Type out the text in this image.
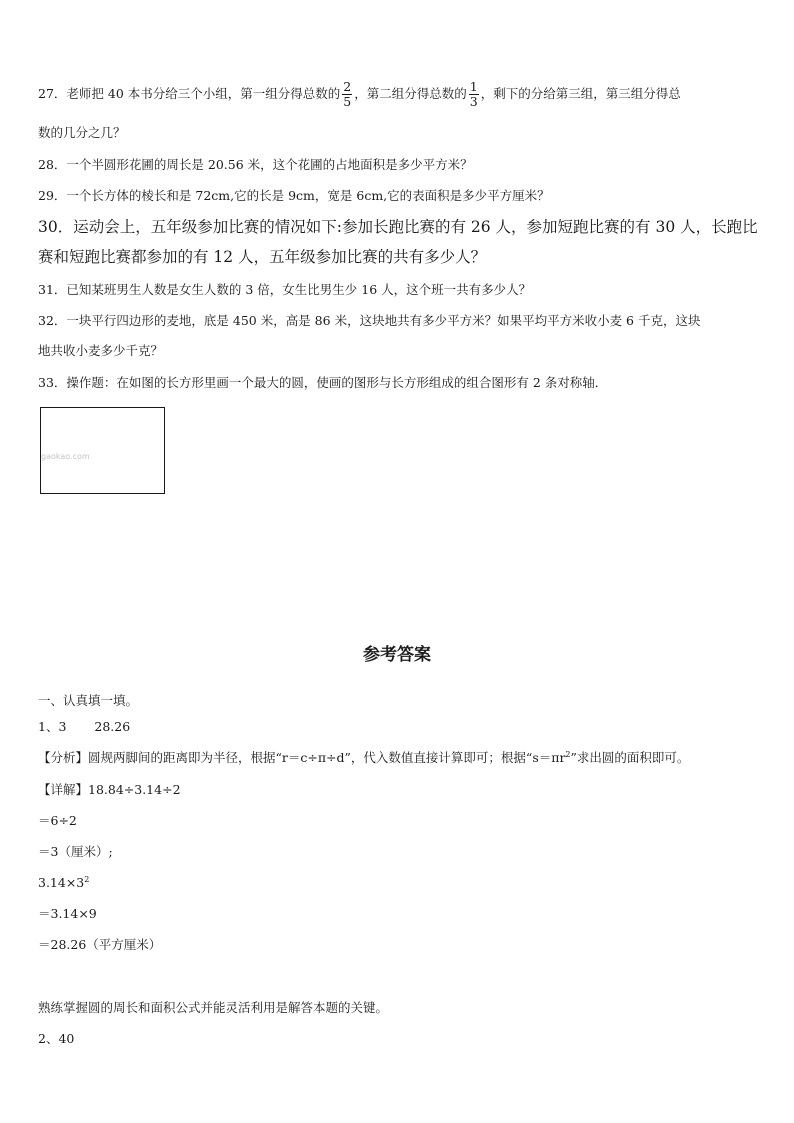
27．老师把 40 本书分给三个小组，第一组分得总数的 $\frac{2}{5}$ ，第二组分得总数的 $\frac{1}{3}$ ，剩下的分给第三组，第三组分得总
数的几分之几？
28．一个半圆形花圃的周长是 20.56 米，这个花圃的占地面积是多少平方米？
29．一个长方体的棱长和是 72cm,它的长是 9cm，宽是 6cm,它的表面积是多少平方厘米？
30．运动会上，五年级参加比赛的情况如下:参加长跑比赛的有 26 人，参加短跑比赛的有 30 人，长跑比
赛和短跑比赛都参加的有 12 人，五年级参加比赛的共有多少人？
31．已知某班男生人数是女生人数的 3 倍，女生比男生少 16 人，这个班一共有多少人？
32．一块平行四边形的麦地，底是 450 米，高是 86 米，这块地共有多少平方米？如果平均平方米收小麦 6 千克，这块
地共收小麦多少千克？
33．操作题：在如图的长方形里画一个最大的圆，使画的图形与长方形组成的组合图形有 2 条对称轴．
gaokao.com
参考答案
一、认真填一填。
1、3 28.26
【分析】圆规两脚间的距离即为半径，根据“r＝c÷π÷d”，代入数值直接计算即可；根据“$s=\pi r^2$”求出圆的面积即可。
【详解】18.84÷3.14÷2
＝6÷2
＝3（厘米）;
$3.14\times 3^2$
＝3.14×9
＝28.26（平方厘米）
熟练掌握圆的周长和面积公式并能灵活利用是解答本题的关键。
2、40
